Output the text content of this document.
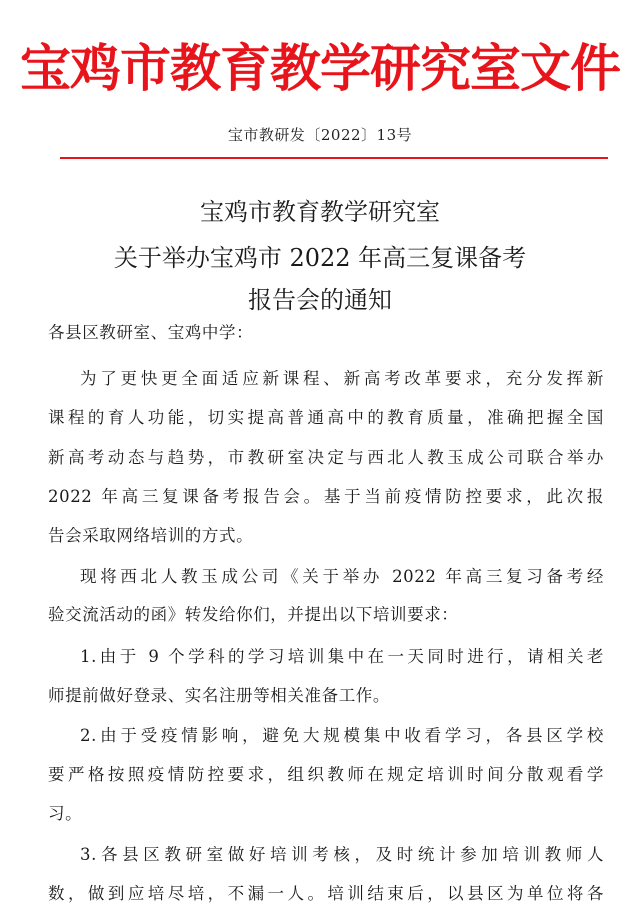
宝鸡市教育教学研究室文件
宝市教研发〔2022〕13号
宝鸡市教育教学研究室
关于举办宝鸡市 2022 年高三复课备考
报告会的通知
各县区教研室、宝鸡中学：
为了更快更全面适应新课程、新高考改革要求，充分发挥新
课程的育人功能，切实提高普通高中的教育质量，准确把握全国
新高考动态与趋势，市教研室决定与西北人教玉成公司联合举办
2022 年高三复课备考报告会。基于当前疫情防控要求，此次报
告会采取网络培训的方式。
现将西北人教玉成公司《关于举办 2022 年高三复习备考经
验交流活动的函》转发给你们，并提出以下培训要求：
1.由于 9 个学科的学习培训集中在一天同时进行，请相关老
师提前做好登录、实名注册等相关准备工作。
2.由于受疫情影响，避免大规模集中收看学习，各县区学校
要严格按照疫情防控要求，组织教师在规定培训时间分散观看学
习。
3.各县区教研室做好培训考核，及时统计参加培训教师人
数，做到应培尽培，不漏一人。培训结束后，以县区为单位将各
